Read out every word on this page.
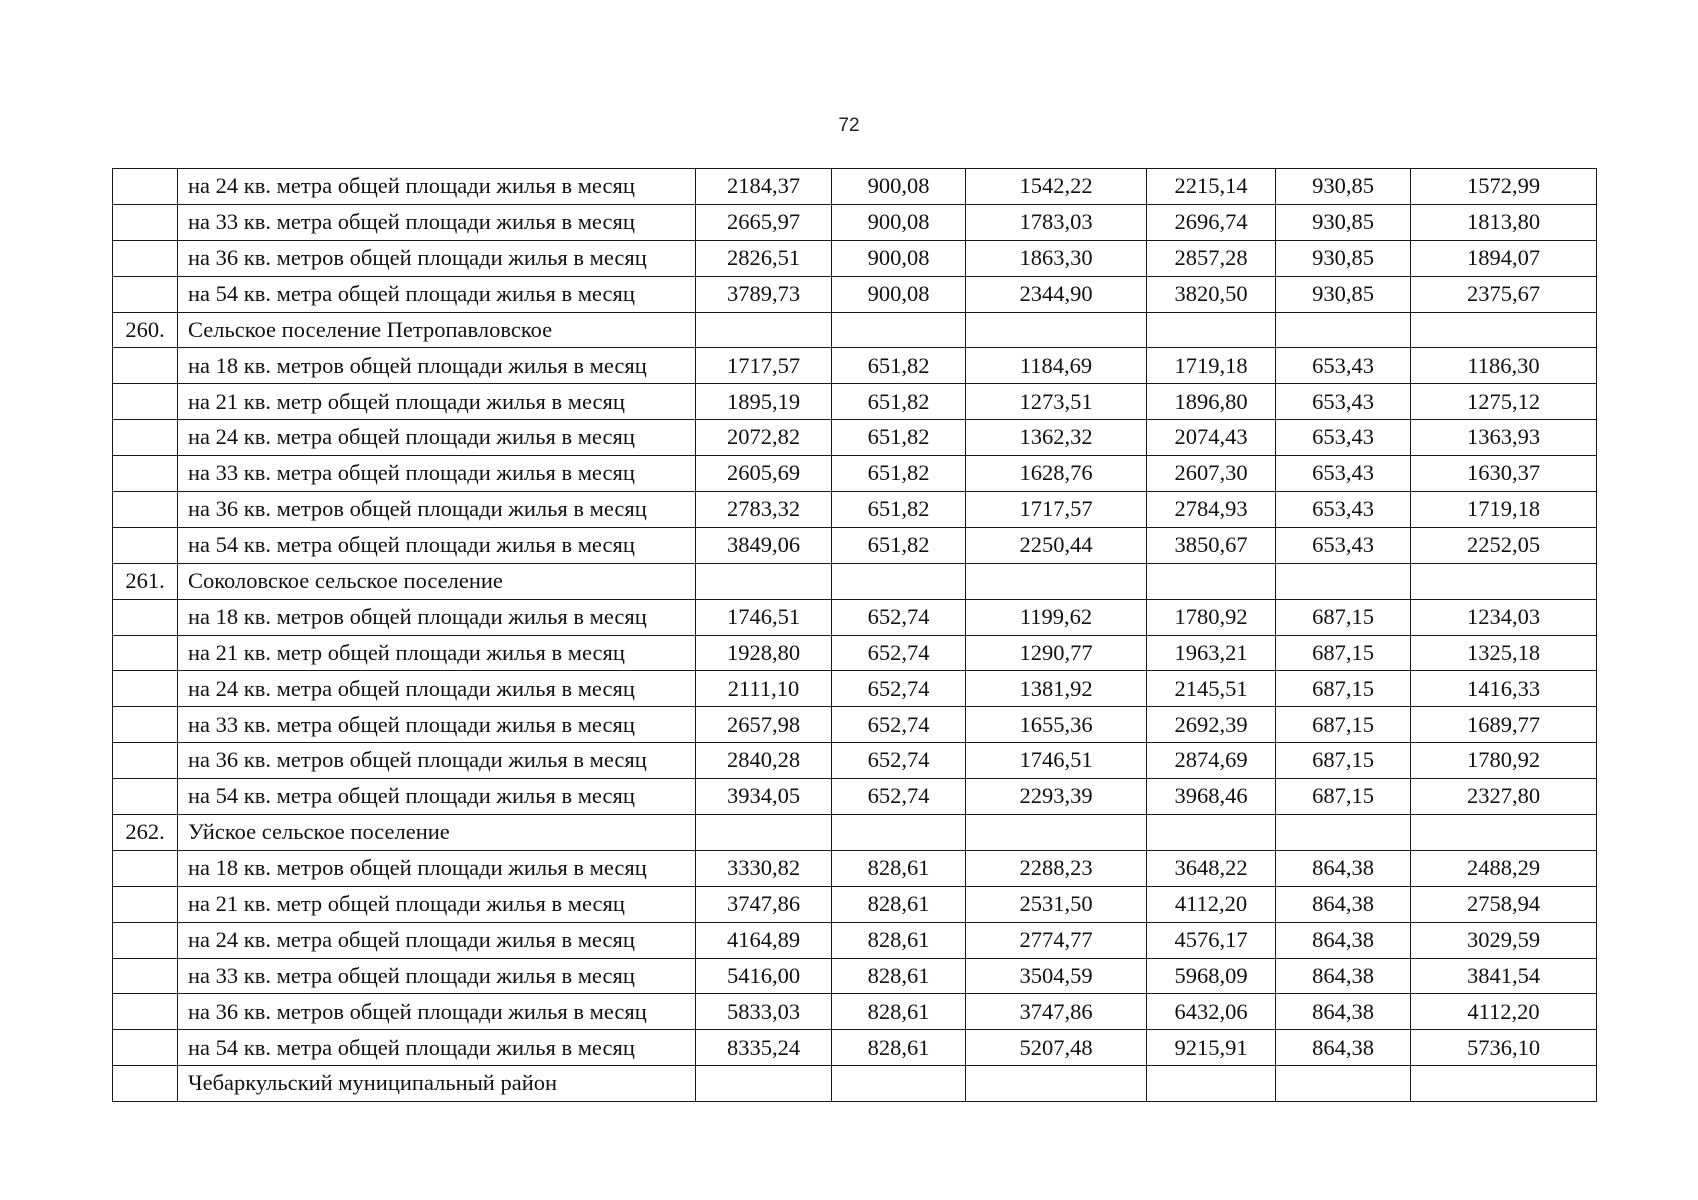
72
	на 24 кв. метра общей площади жилья в месяц	2184,37	900,08	1542,22	2215,14	930,85	1572,99
	на 33 кв. метра общей площади жилья в месяц	2665,97	900,08	1783,03	2696,74	930,85	1813,80
	на 36 кв. метров общей площади жилья в месяц	2826,51	900,08	1863,30	2857,28	930,85	1894,07
	на 54 кв. метра общей площади жилья в месяц	3789,73	900,08	2344,90	3820,50	930,85	2375,67
260.	Сельское поселение Петропавловское						
	на 18 кв. метров общей площади жилья в месяц	1717,57	651,82	1184,69	1719,18	653,43	1186,30
	на 21 кв. метр общей площади жилья в месяц	1895,19	651,82	1273,51	1896,80	653,43	1275,12
	на 24 кв. метра общей площади жилья в месяц	2072,82	651,82	1362,32	2074,43	653,43	1363,93
	на 33 кв. метра общей площади жилья в месяц	2605,69	651,82	1628,76	2607,30	653,43	1630,37
	на 36 кв. метров общей площади жилья в месяц	2783,32	651,82	1717,57	2784,93	653,43	1719,18
	на 54 кв. метра общей площади жилья в месяц	3849,06	651,82	2250,44	3850,67	653,43	2252,05
261.	Соколовское сельское поселение						
	на 18 кв. метров общей площади жилья в месяц	1746,51	652,74	1199,62	1780,92	687,15	1234,03
	на 21 кв. метр общей площади жилья в месяц	1928,80	652,74	1290,77	1963,21	687,15	1325,18
	на 24 кв. метра общей площади жилья в месяц	2111,10	652,74	1381,92	2145,51	687,15	1416,33
	на 33 кв. метра общей площади жилья в месяц	2657,98	652,74	1655,36	2692,39	687,15	1689,77
	на 36 кв. метров общей площади жилья в месяц	2840,28	652,74	1746,51	2874,69	687,15	1780,92
	на 54 кв. метра общей площади жилья в месяц	3934,05	652,74	2293,39	3968,46	687,15	2327,80
262.	Уйское сельское поселение						
	на 18 кв. метров общей площади жилья в месяц	3330,82	828,61	2288,23	3648,22	864,38	2488,29
	на 21 кв. метр общей площади жилья в месяц	3747,86	828,61	2531,50	4112,20	864,38	2758,94
	на 24 кв. метра общей площади жилья в месяц	4164,89	828,61	2774,77	4576,17	864,38	3029,59
	на 33 кв. метра общей площади жилья в месяц	5416,00	828,61	3504,59	5968,09	864,38	3841,54
	на 36 кв. метров общей площади жилья в месяц	5833,03	828,61	3747,86	6432,06	864,38	4112,20
	на 54 кв. метра общей площади жилья в месяц	8335,24	828,61	5207,48	9215,91	864,38	5736,10
	Чебаркульский муниципальный район						
